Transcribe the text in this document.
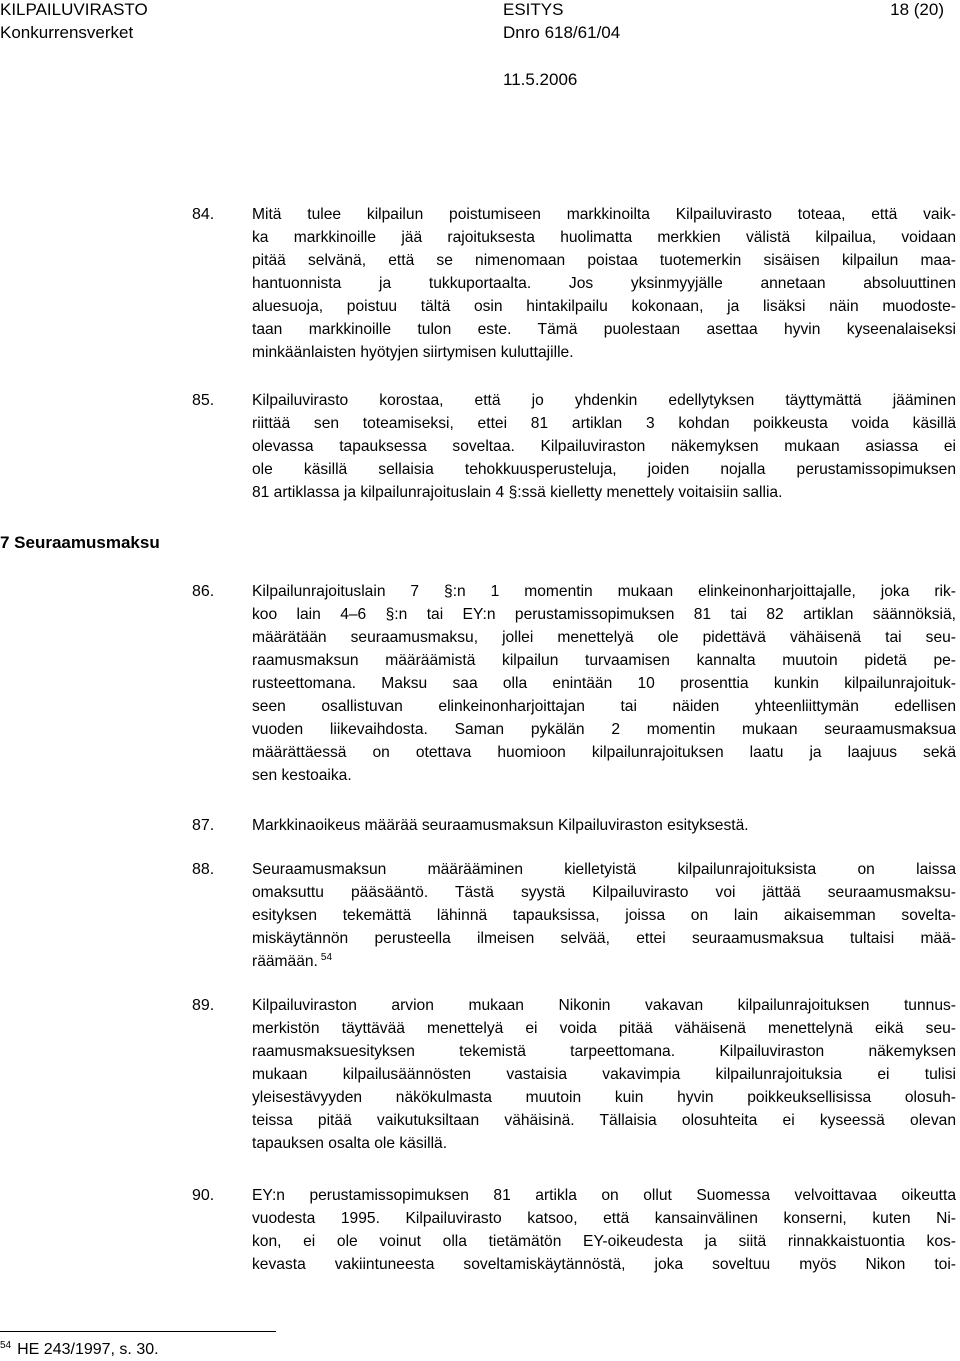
KILPAILUVIRASTO
Konkurrensverket
ESITYS
Dnro 618/61/04
11.5.2006
18 (20)
7 Seuraamusmaksu
84. Mitä tulee kilpailun poistumiseen markkinoilta Kilpailuvirasto toteaa, että vaik-
ka markkinoille jää rajoituksesta huolimatta merkkien välistä kilpailua, voidaan
pitää selvänä, että se nimenomaan poistaa tuotemerkin sisäisen kilpailun maa-
hantuonnista ja tukkuportaalta. Jos yksinmyyjälle annetaan absoluuttinen
aluesuoja, poistuu tältä osin hintakilpailu kokonaan, ja lisäksi näin muodoste-
taan markkinoille tulon este. Tämä puolestaan asettaa hyvin kyseenalaiseksi
minkäänlaisten hyötyjen siirtymisen kuluttajille.

85. Kilpailuvirasto korostaa, että jo yhdenkin edellytyksen täyttymättä jääminen
riittää sen toteamiseksi, ettei 81 artiklan 3 kohdan poikkeusta voida käsillä
olevassa tapauksessa soveltaa. Kilpailuviraston näkemyksen mukaan asiassa ei
ole käsillä sellaisia tehokkuusperusteluja, joiden nojalla perustamissopimuksen
81 artiklassa ja kilpailunrajoituslain 4 §:ssä kielletty menettely voitaisiin sallia.

86. Kilpailunrajoituslain 7 §:n 1 momentin mukaan elinkeinonharjoittajalle, joka rik-
koo lain 4–6 §:n tai EY:n perustamissopimuksen 81 tai 82 artiklan säännöksiä,
määrätään seuraamusmaksu, jollei menettelyä ole pidettävä vähäisenä tai seu-
raamusmaksun määräämistä kilpailun turvaamisen kannalta muutoin pidetä pe-
rusteettomana. Maksu saa olla enintään 10 prosenttia kunkin kilpailunrajoituk-
seen osallistuvan elinkeinonharjoittajan tai näiden yhteenliittymän edellisen
vuoden liikevaihdosta. Saman pykälän 2 momentin mukaan seuraamusmaksua
määrättäessä on otettava huomioon kilpailunrajoituksen laatu ja laajuus sekä
sen kestoaika.

87. Markkinaoikeus määrää seuraamusmaksun Kilpailuviraston esityksestä.

88. Seuraamusmaksun määrääminen kielletyistä kilpailunrajoituksista on laissa
omaksuttu pääsääntö. Tästä syystä Kilpailuvirasto voi jättää seuraamusmaksu-
esityksen tekemättä lähinnä tapauksissa, joissa on lain aikaisemman soveltа-
miskäytännön perusteella ilmeisen selvää, ettei seuraamusmaksua tultaisi mää-
räämään. $^{54}$

89. Kilpailuviraston arvion mukaan Nikonin vakavan kilpailunrajoituksen tunnus-
merkistön täyttävää menettelyä ei voida pitää vähäisenä menettelynä eikä seu-
raamusmaksuesityksen tekemistä tarpeettomana. Kilpailuviraston näkemyksen
mukaan kilpailusäännösten vastaisia vakavimpia kilpailunrajoituksia ei tulisi
yleisestävyyden näkökulmasta muutoin kuin hyvin poikkeuksellisissa olosuh-
teissa pitää vaikutuksiltaan vähäisinä. Tällaisia olosuhteita ei kyseessä olevan
tapauksen osalta ole käsillä.

90. EY:n perustamissopimuksen 81 artikla on ollut Suomessa velvoittavaa oikeutta
vuodesta 1995. Kilpailuvirasto katsoo, että kansainvälinen konserni, kuten Ni-
kon, ei ole voinut olla tietämätön EY-oikeudesta ja siitä rinnakkaistuontia kos-
kevasta vakiintuneesta soveltamiskäytännöstä, joka soveltuu myös Nikon toi-

$^{54}$ HE 243/1997, s. 30.
